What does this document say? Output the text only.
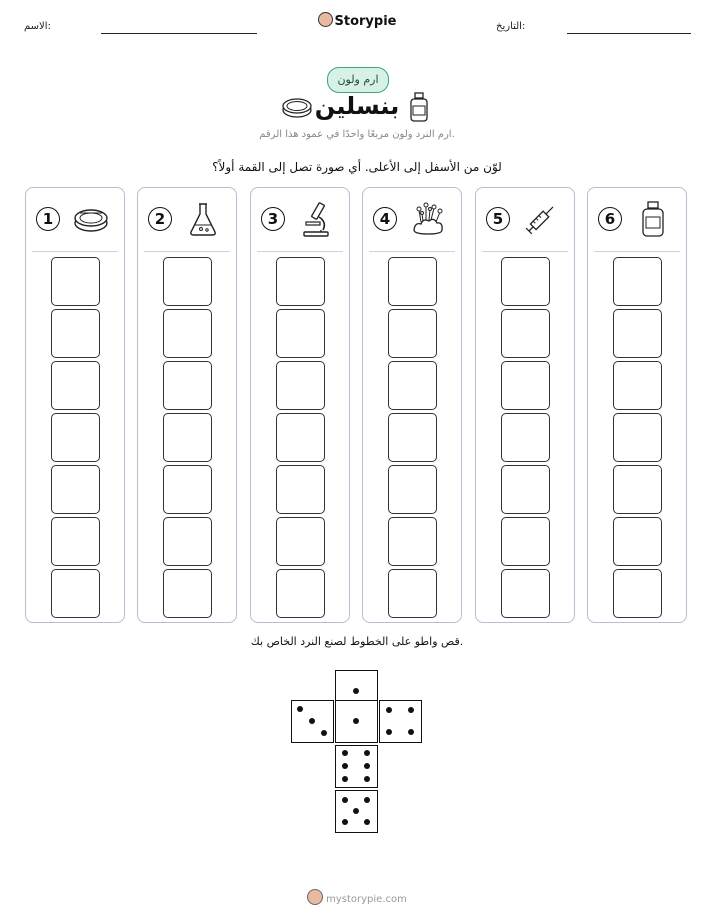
الاسم:	Storypie	التاريخ:
ارم ولون
بنسلين
ارم النرد ولون مربعًا واحدًا في عمود هذا الرقم.
لوّن من الأسفل إلى الأعلى. أي صورة تصل إلى القمة أولاً؟
1	2	3	4	5	6
قص واطو على الخطوط لصنع النرد الخاص بك.
mystorypie.com
